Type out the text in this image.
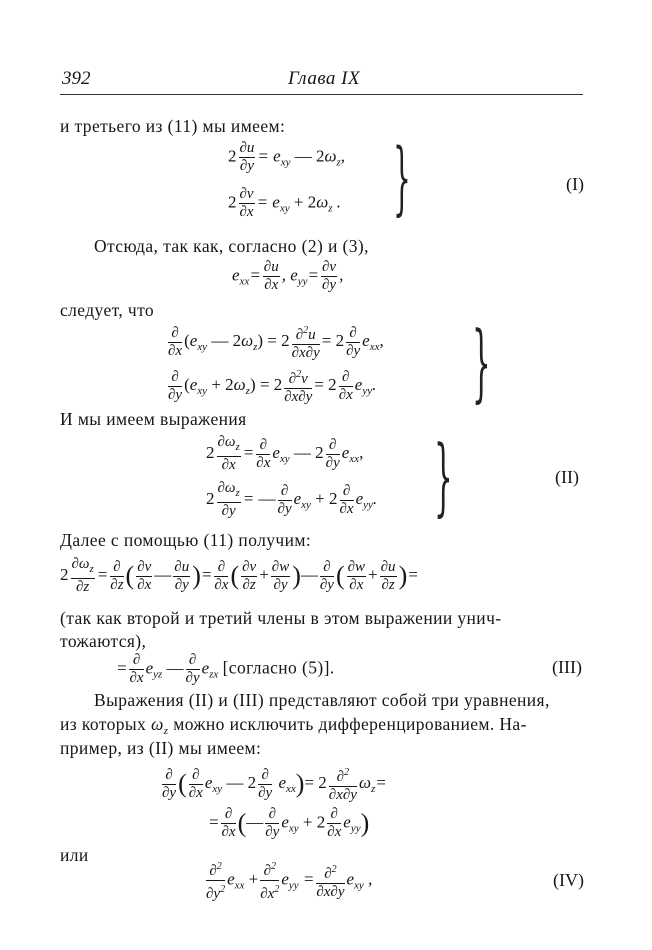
392	Глава IX
и третьего из (11) мы имеем:
$2 \frac{\partial u}{\partial y} = e_{xy}$ — $2\omega_z$,
$2 \frac{\partial v}{\partial x} = e_{xy} + 2\omega_z$ . }	(I)
Отсюда, так как, согласно (2) и (3),
$e_{xx}= \frac{\partial u}{\partial x}$ , $e_{yy}= \frac{\partial v}{\partial y}$ ,
следует, что
$\frac{\partial}{\partial x} (e_{xy}$ — $2\omega_z) = 2 \frac{\partial^2u}{\partial x\partial y} = 2 \frac{\partial}{\partial y} e_{xx}$,
$\frac{\partial}{\partial y} (e_{xy} + 2\omega_z) = 2 \frac{\partial^2v}{\partial x\partial y} = 2 \frac{\partial}{\partial x} e_{yy}$. }
И мы имеем выражения
$2 \frac{\partial\omega_z}{\partial x} = \frac{\partial}{\partial x} e_{xy}$ — $2 \frac{\partial}{\partial y} e_{xx}$,
$2 \frac{\partial\omega_z}{\partial y}$ = — $\frac{\partial}{\partial y} e_{xy} + 2 \frac{\partial}{\partial x} e_{yy}$. }	(II)
Далее с помощью (11) получим:
$2 \frac{\partial\omega_z}{\partial z} = \frac{\partial}{\partial z}$ ( $\frac{\partial v}{\partial x}$ — $\frac{\partial u}{\partial y}$ )= $\frac{\partial}{\partial x}$ ( $\frac{\partial v}{\partial z} + \frac{\partial w}{\partial y}$ )— $\frac{\partial}{\partial y}$ ( $\frac{\partial w}{\partial x} + \frac{\partial u}{\partial z}$ )=
(так как второй и третий члены в этом выражении унич-
тожаются),
= $\frac{\partial}{\partial x} e_{yz}$ — $\frac{\partial}{\partial y} e_{zx}$ [согласно (5)].	(III)
Выражения (II) и (III) представляют собой три уравнения,
из которых $\omega_z$ можно исключить дифференцированием. На-
пример, из (II) мы имеем:
$\frac{\partial}{\partial y}$ ( $\frac{\partial}{\partial x} e_{xy}$ — $2 \frac{\partial}{\partial y} e_{xx})= 2 \frac{\partial^2}{\partial x\partial y} \omega_z=$
= $\frac{\partial}{\partial x}$ (— $\frac{\partial}{\partial y} e_{xy} + 2 \frac{\partial}{\partial x} e_{yy}$)
или
$\frac{\partial^2}{\partial y^2} e_{xx} + \frac{\partial^2}{\partial x^2} e_{yy} = \frac{\partial^2}{\partial x\partial y} e_{xy}$ ,	(IV)
